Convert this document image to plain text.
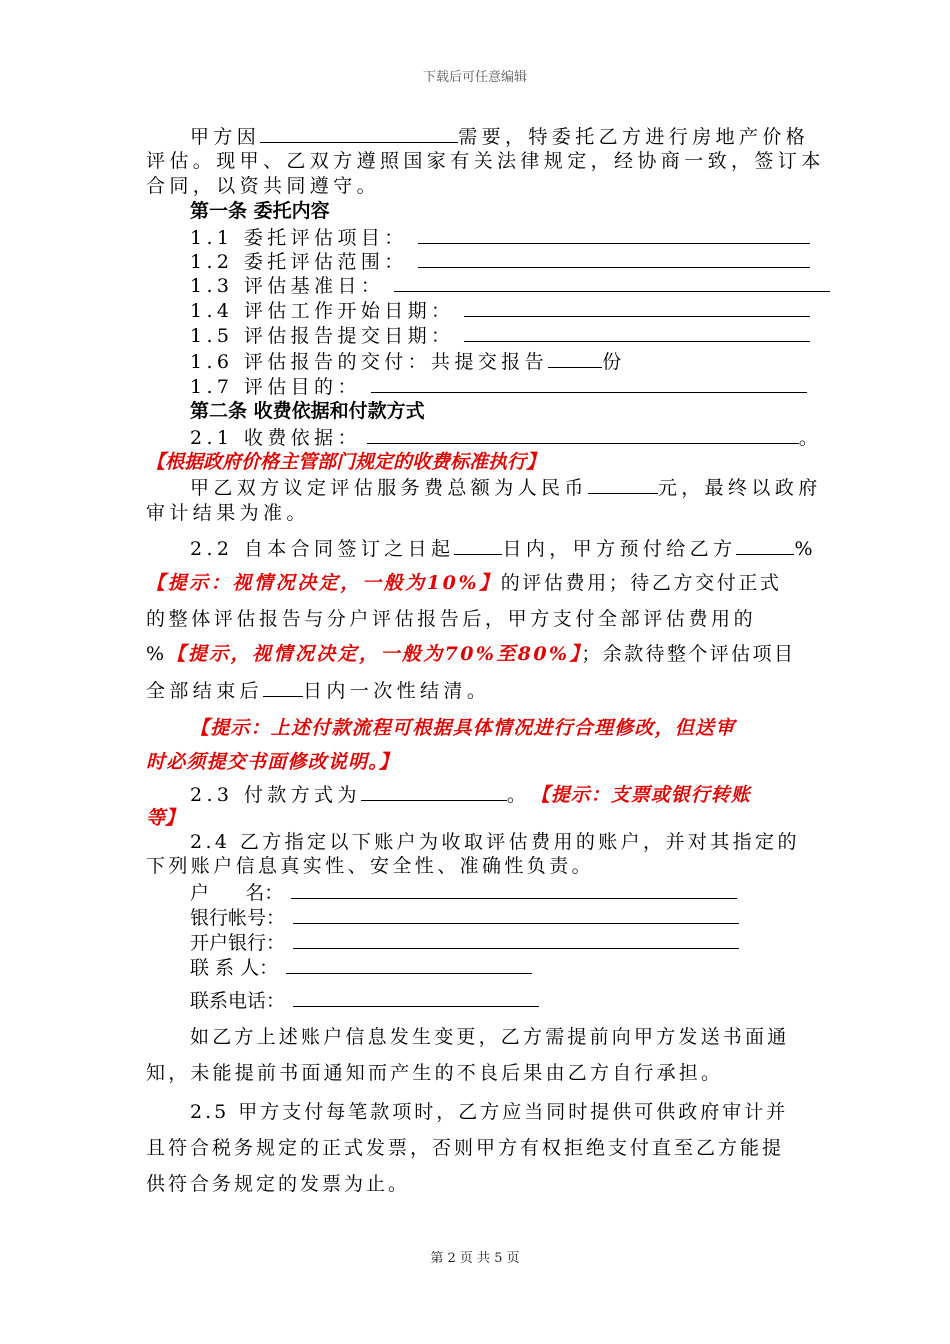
下载后可任意编辑
甲方因	需要，特委托乙方进行房地产价格
评估。现甲、乙双方遵照国家有关法律规定，经协商一致，签订本
合同，以资共同遵守。
第一条 委托内容
1.1 委托评估项目：
1.2 委托评估范围：
1.3 评估基准日：
1.4 评估工作开始日期：
1.5 评估报告提交日期：
1.6 评估报告的交付：共提交报告	份
1.7 评估目的：
第二条 收费依据和付款方式
2.1 收费依据：	。
【根据政府价格主管部门规定的收费标准执行】
甲乙双方议定评估服务费总额为人民币	元，最终以政府
审计结果为准。
2.2 自本合同签订之日起	日内，甲方预付给乙方	%
【提示：视情况决定，一般为10%】的评估费用；待乙方交付正式
的整体评估报告与分户评估报告后，甲方支付全部评估费用的
%【提示，视情况决定，一般为70%至80%】；余款待整个评估项目
全部结束后 日内一次性结清。
【提示：上述付款流程可根据具体情况进行合理修改，但送审
时必须提交书面修改说明。】
2.3 付款方式为	。 【提示：支票或银行转账
等】
2.4 乙方指定以下账户为收取评估费用的账户，并对其指定的
下列账户信息真实性、安全性、准确性负责。
户      名：
银行帐号：
开户银行：
联 系 人：
联系电话：
如乙方上述账户信息发生变更，乙方需提前向甲方发送书面通
知，未能提前书面通知而产生的不良后果由乙方自行承担。
2.5 甲方支付每笔款项时，乙方应当同时提供可供政府审计并
且符合税务规定的正式发票，否则甲方有权拒绝支付直至乙方能提
供符合务规定的发票为止。
第 2 页 共 5 页
